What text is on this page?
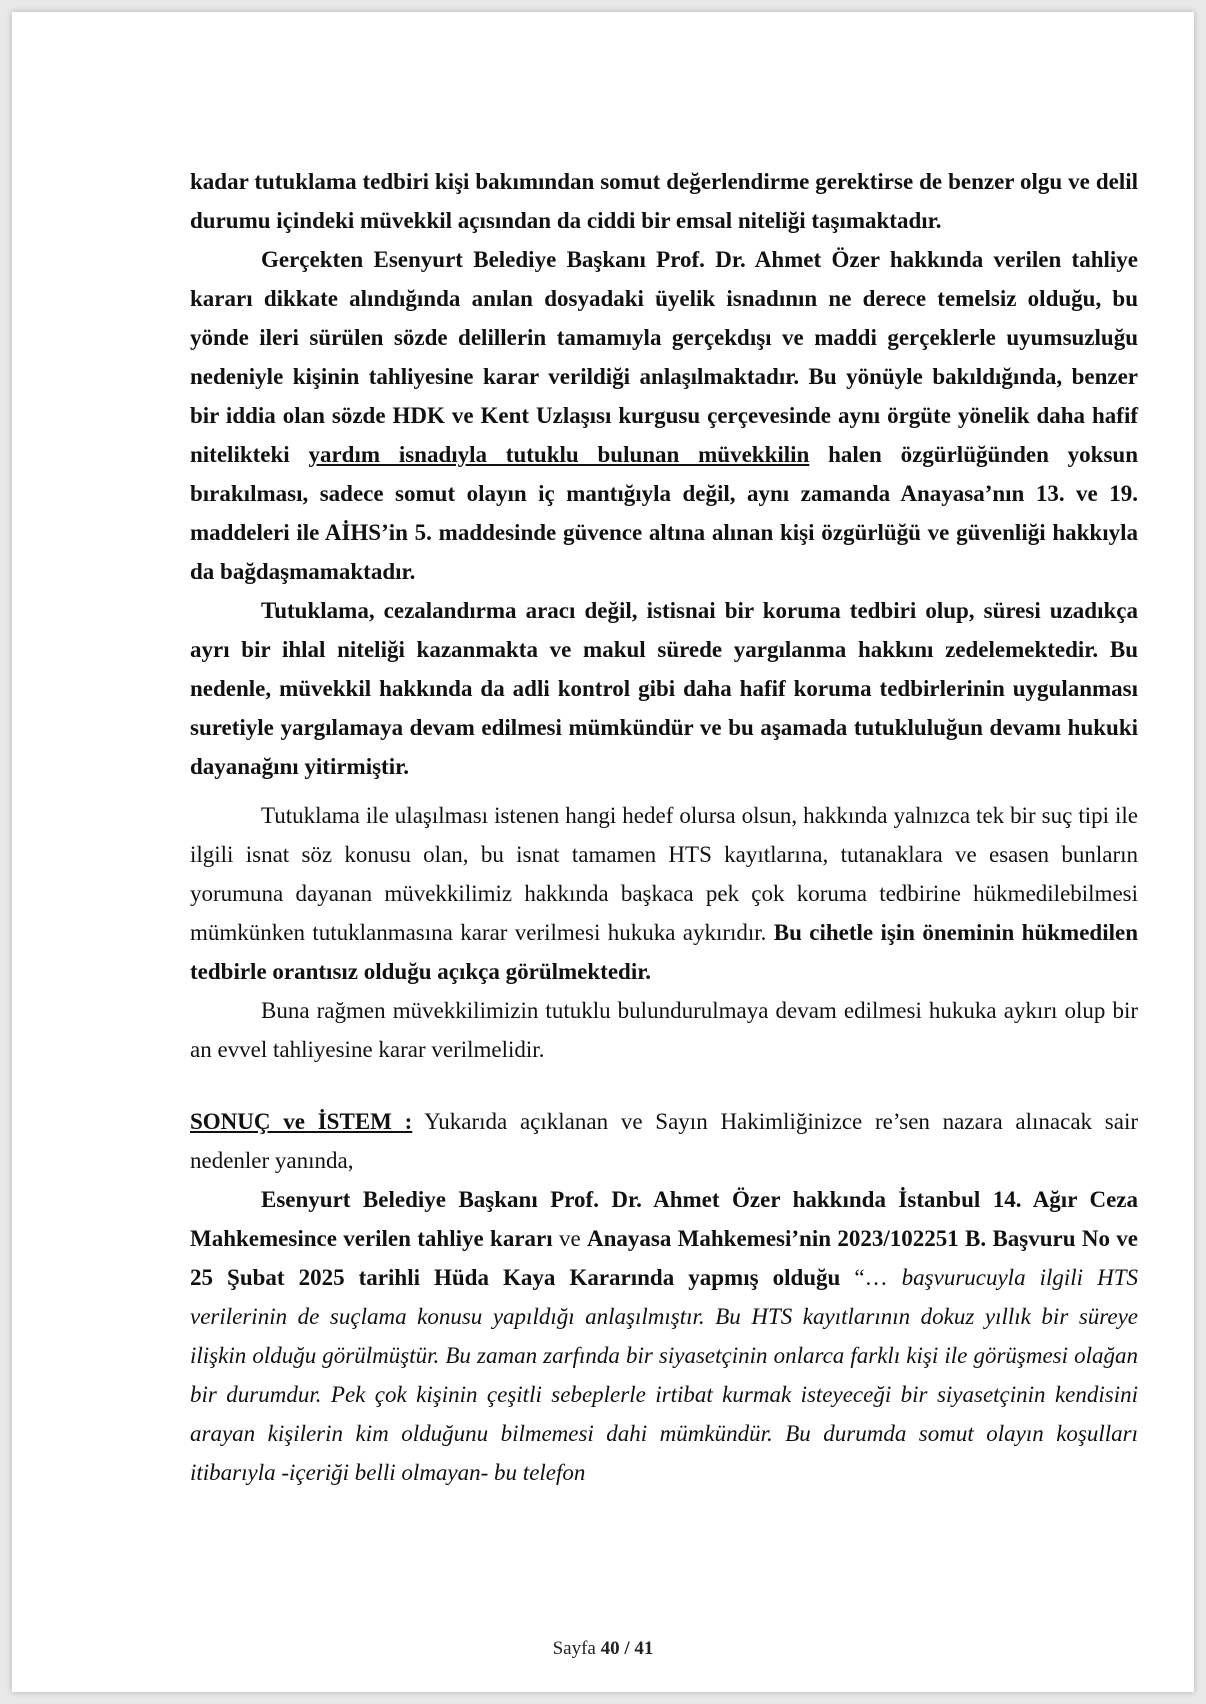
kadar tutuklama tedbiri kişi bakımından somut değerlendirme gerektirse de benzer olgu ve delil durumu içindeki müvekkil açısından da ciddi bir emsal niteliği taşımaktadır.

Gerçekten Esenyurt Belediye Başkanı Prof. Dr. Ahmet Özer hakkında verilen tahliye kararı dikkate alındığında anılan dosyadaki üyelik isnadının ne derece temelsiz olduğu, bu yönde ileri sürülen sözde delillerin tamamıyla gerçekdışı ve maddi gerçeklerle uyumsuzluğu nedeniyle kişinin tahliyesine karar verildiği anlaşılmaktadır. Bu yönüyle bakıldığında, benzer bir iddia olan sözde HDK ve Kent Uzlaşısı kurgusu çerçevesinde aynı örgüte yönelik daha hafif nitelikteki yardım isnadıyla tutuklu bulunan müvekkilin halen özgürlüğünden yoksun bırakılması, sadece somut olayın iç mantığıyla değil, aynı zamanda Anayasa’nın 13. ve 19. maddeleri ile AİHS’in 5. maddesinde güvence altına alınan kişi özgürlüğü ve güvenliği hakkıyla da bağdaşmamaktadır.

Tutuklama, cezalandırma aracı değil, istisnai bir koruma tedbiri olup, süresi uzadıkça ayrı bir ihlal niteliği kazanmakta ve makul sürede yargılanma hakkını zedelemektedir. Bu nedenle, müvekkil hakkında da adli kontrol gibi daha hafif koruma tedbirlerinin uygulanması suretiyle yargılamaya devam edilmesi mümkündür ve bu aşamada tutukluluğun devamı hukuki dayanağını yitirmiştir.

Tutuklama ile ulaşılması istenen hangi hedef olursa olsun, hakkında yalnızca tek bir suç tipi ile ilgili isnat söz konusu olan, bu isnat tamamen HTS kayıtlarına, tutanaklara ve esasen bunların yorumuna dayanan müvekkilimiz hakkında başkaca pek çok koruma tedbirine hükmedilebilmesi mümkünken tutuklanmasına karar verilmesi hukuka aykırıdır. Bu cihetle işin öneminin hükmedilen tedbirle orantısız olduğu açıkça görülmektedir.

Buna rağmen müvekkilimizin tutuklu bulundurulmaya devam edilmesi hukuka aykırı olup bir an evvel tahliyesine karar verilmelidir.

SONUÇ ve İSTEM : Yukarıda açıklanan ve Sayın Hakimliğinizce re’sen nazara alınacak sair nedenler yanında,

Esenyurt Belediye Başkanı Prof. Dr. Ahmet Özer hakkında İstanbul 14. Ağır Ceza Mahkemesince verilen tahliye kararı ve Anayasa Mahkemesi’nin 2023/102251 B. Başvuru No ve 25 Şubat 2025 tarihli Hüda Kaya Kararında yapmış olduğu “… başvurucuyla ilgili HTS verilerinin de suçlama konusu yapıldığı anlaşılmıştır. Bu HTS kayıtlarının dokuz yıllık bir süreye ilişkin olduğu görülmüştür. Bu zaman zarfında bir siyasetçinin onlarca farklı kişi ile görüşmesi olağan bir durumdur. Pek çok kişinin çeşitli sebeplerle irtibat kurmak isteyeceği bir siyasetçinin kendisini arayan kişilerin kim olduğunu bilmemesi dahi mümkündür. Bu durumda somut olayın koşulları itibarıyla -içeriği belli olmayan- bu telefon

Sayfa 40 / 41
